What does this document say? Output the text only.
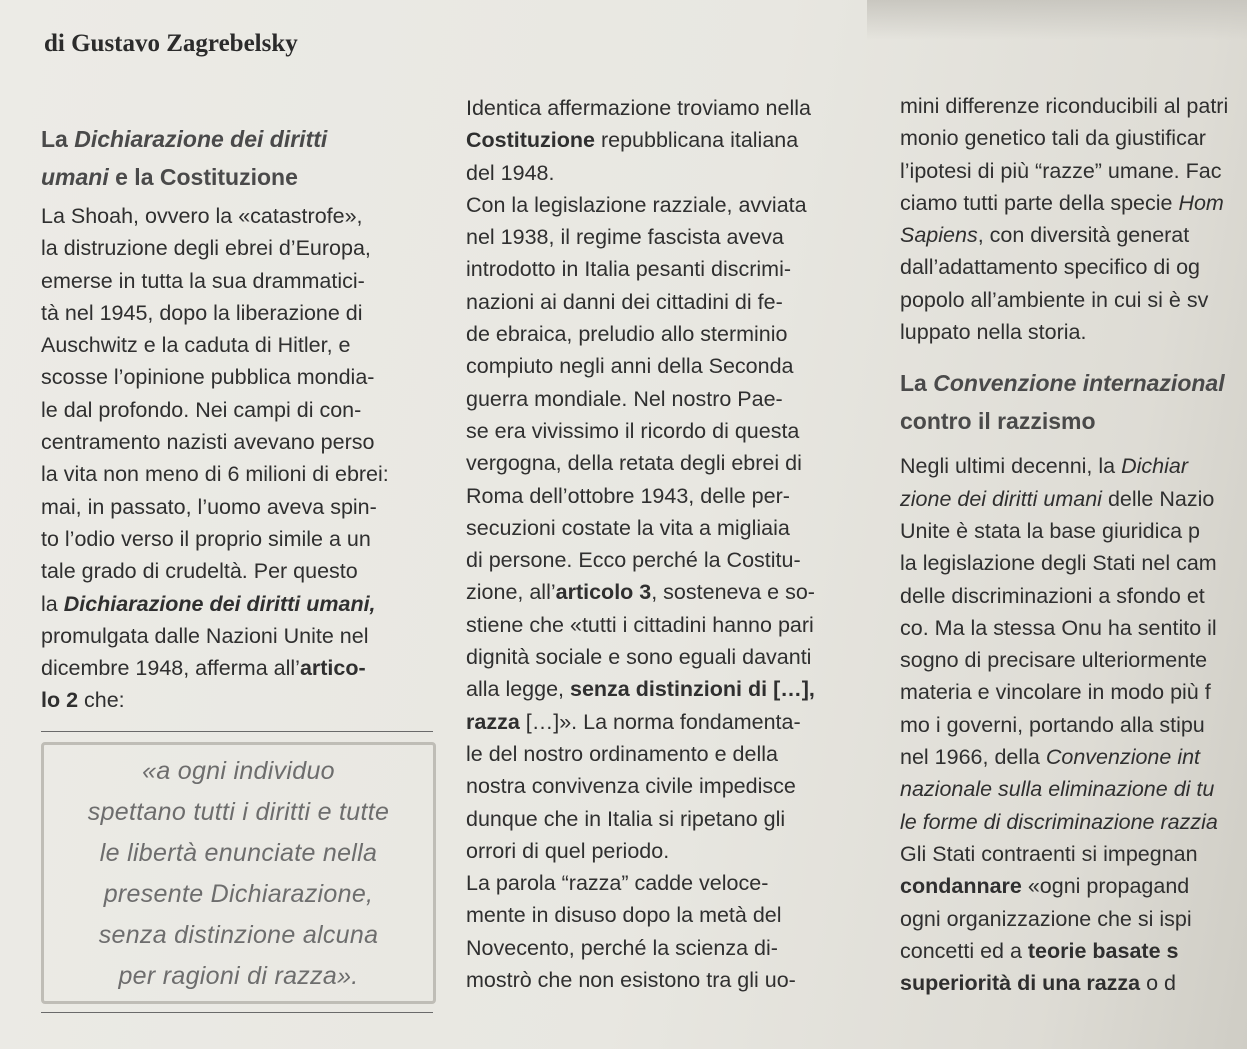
di Gustavo Zagrebelsky
La Dichiarazione dei diritti
umani e la Costituzione
La Shoah, ovvero la «catastrofe»,
la distruzione degli ebrei d’Europa,
emerse in tutta la sua drammatici-
tà nel 1945, dopo la liberazione di
Auschwitz e la caduta di Hitler, e
scosse l’opinione pubblica mondia-
le dal profondo. Nei campi di con-
centramento nazisti avevano perso
la vita non meno di 6 milioni di ebrei:
mai, in passato, l’uomo aveva spin-
to l’odio verso il proprio simile a un
tale grado di crudeltà. Per questo
la Dichiarazione dei diritti umani,
promulgata dalle Nazioni Unite nel
dicembre 1948, afferma all’artico-
lo 2 che:
«a ogni individuo
spettano tutti i diritti e tutte
le libertà enunciate nella
presente Dichiarazione,
senza distinzione alcuna
per ragioni di razza».
Identica affermazione troviamo nella
Costituzione repubblicana italiana
del 1948.
Con la legislazione razziale, avviata
nel 1938, il regime fascista aveva
introdotto in Italia pesanti discrimi-
nazioni ai danni dei cittadini di fe-
de ebraica, preludio allo sterminio
compiuto negli anni della Seconda
guerra mondiale. Nel nostro Pae-
se era vivissimo il ricordo di questa
vergogna, della retata degli ebrei di
Roma dell’ottobre 1943, delle per-
secuzioni costate la vita a migliaia
di persone. Ecco perché la Costitu-
zione, all’articolo 3, sosteneva e so-
stiene che «tutti i cittadini hanno pari
dignità sociale e sono eguali davanti
alla legge, senza distinzioni di […],
razza […]». La norma fondamenta-
le del nostro ordinamento e della
nostra convivenza civile impedisce
dunque che in Italia si ripetano gli
orrori di quel periodo.
La parola “razza” cadde veloce-
mente in disuso dopo la metà del
Novecento, perché la scienza di-
mostrò che non esistono tra gli uo-
mini differenze riconducibili al patri
monio genetico tali da giustificar
l’ipotesi di più “razze” umane. Fac
ciamo tutti parte della specie Hom
Sapiens, con diversità generat
dall’adattamento specifico di og
popolo all’ambiente in cui si è sv
luppato nella storia.
La Convenzione internazional
contro il razzismo
Negli ultimi decenni, la Dichiar
zione dei diritti umani delle Nazio
Unite è stata la base giuridica p
la legislazione degli Stati nel cam
delle discriminazioni a sfondo et
co. Ma la stessa Onu ha sentito il
sogno di precisare ulteriormente
materia e vincolare in modo più f
mo i governi, portando alla stipu
nel 1966, della Convenzione int
nazionale sulla eliminazione di tu
le forme di discriminazione razzia
Gli Stati contraenti si impegnan
condannare «ogni propagand
ogni organizzazione che si ispi
concetti ed a teorie basate s
superiorità di una razza o d
